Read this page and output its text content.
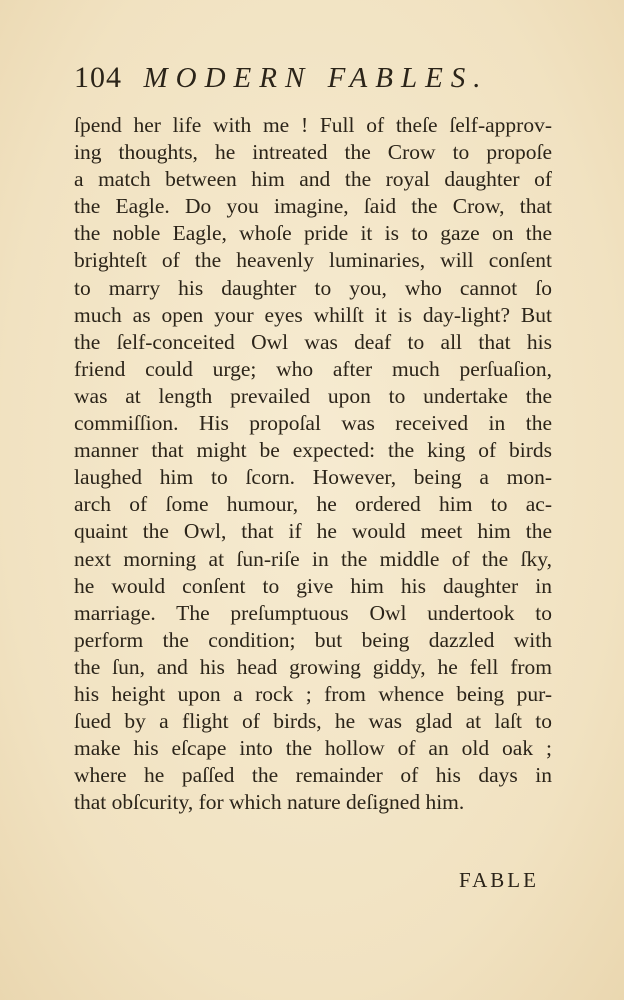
104 MODERN FABLES.
ſpend her life with me ! Full of theſe ſelf-approv-
ing thoughts, he intreated the Crow to propoſe
a match between him and the royal daughter of
the Eagle. Do you imagine, ſaid the Crow, that
the noble Eagle, whoſe pride it is to gaze on the
brighteſt of the heavenly luminaries, will conſent
to marry his daughter to you, who cannot ſo
much as open your eyes whilſt it is day-light? But
the ſelf-conceited Owl was deaf to all that his
friend could urge; who after much perſuaſion,
was at length prevailed upon to undertake the
commiſſion. His propoſal was received in the
manner that might be expected: the king of birds
laughed him to ſcorn. However, being a mon-
arch of ſome humour, he ordered him to ac-
quaint the Owl, that if he would meet him the
next morning at ſun-riſe in the middle of the ſky,
he would conſent to give him his daughter in
marriage. The preſumptuous Owl undertook to
perform the condition; but being dazzled with
the ſun, and his head growing giddy, he fell from
his height upon a rock ; from whence being pur-
ſued by a flight of birds, he was glad at laſt to
make his eſcape into the hollow of an old oak ;
where he paſſed the remainder of his days in
that obſcurity, for which nature deſigned him.
FABLE
